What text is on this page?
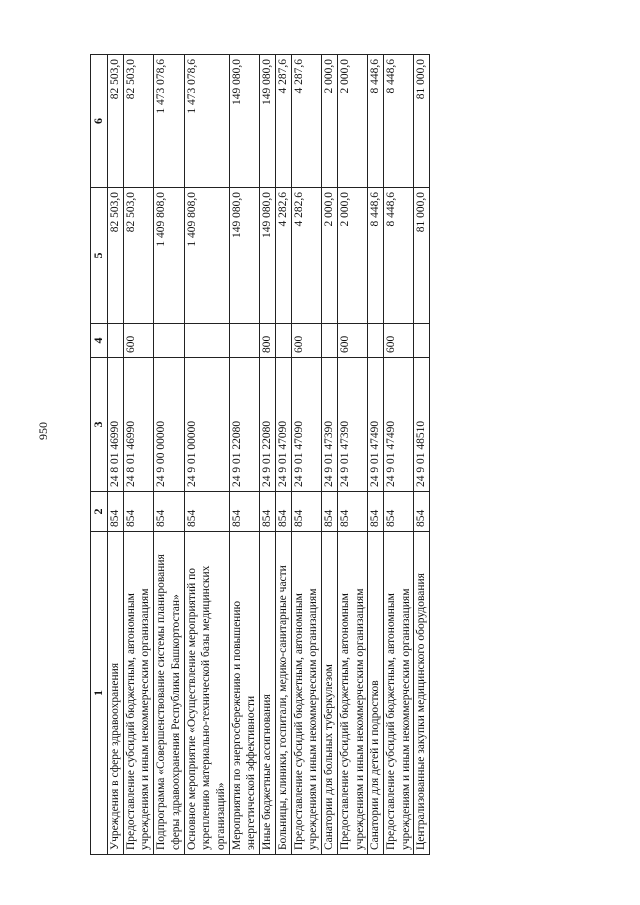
950
1	2	3	4	5	6
Учреждения в сфере здравоохранения	854	24 8 01 46990		82 503,0	82 503,0
Предоставление субсидий бюджетным, автономным учреждениям и иным некоммерческим организациям	854	24 8 01 46990	600	82 503,0	82 503,0
Подпрограмма «Совершенствование системы планирования сферы здравоохранения Республики Башкортостан»	854	24 9 00 00000		1 409 808,0	1 473 078,6
Основное мероприятие «Осуществление мероприятий по укреплению материально-технической базы медицинских организаций»	854	24 9 01 00000		1 409 808,0	1 473 078,6
Мероприятия по энергосбережению и повышению энергетической эффективности	854	24 9 01 22080		149 080,0	149 080,0
Иные бюджетные ассигнования	854	24 9 01 22080	800	149 080,0	149 080,0
Больницы, клиники, госпитали, медико-санитарные части	854	24 9 01 47090		4 282,6	4 287,6
Предоставление субсидий бюджетным, автономным учреждениям и иным некоммерческим организациям	854	24 9 01 47090	600	4 282,6	4 287,6
Санатории для больных туберкулезом	854	24 9 01 47390		2 000,0	2 000,0
Предоставление субсидий бюджетным, автономным учреждениям и иным некоммерческим организациям	854	24 9 01 47390	600	2 000,0	2 000,0
Санатории для детей и подростков	854	24 9 01 47490		8 448,6	8 448,6
Предоставление субсидий бюджетным, автономным учреждениям и иным некоммерческим организациям	854	24 9 01 47490	600	8 448,6	8 448,6
Централизованные закупки медицинского оборудования	854	24 9 01 48510		81 000,0	81 000,0
